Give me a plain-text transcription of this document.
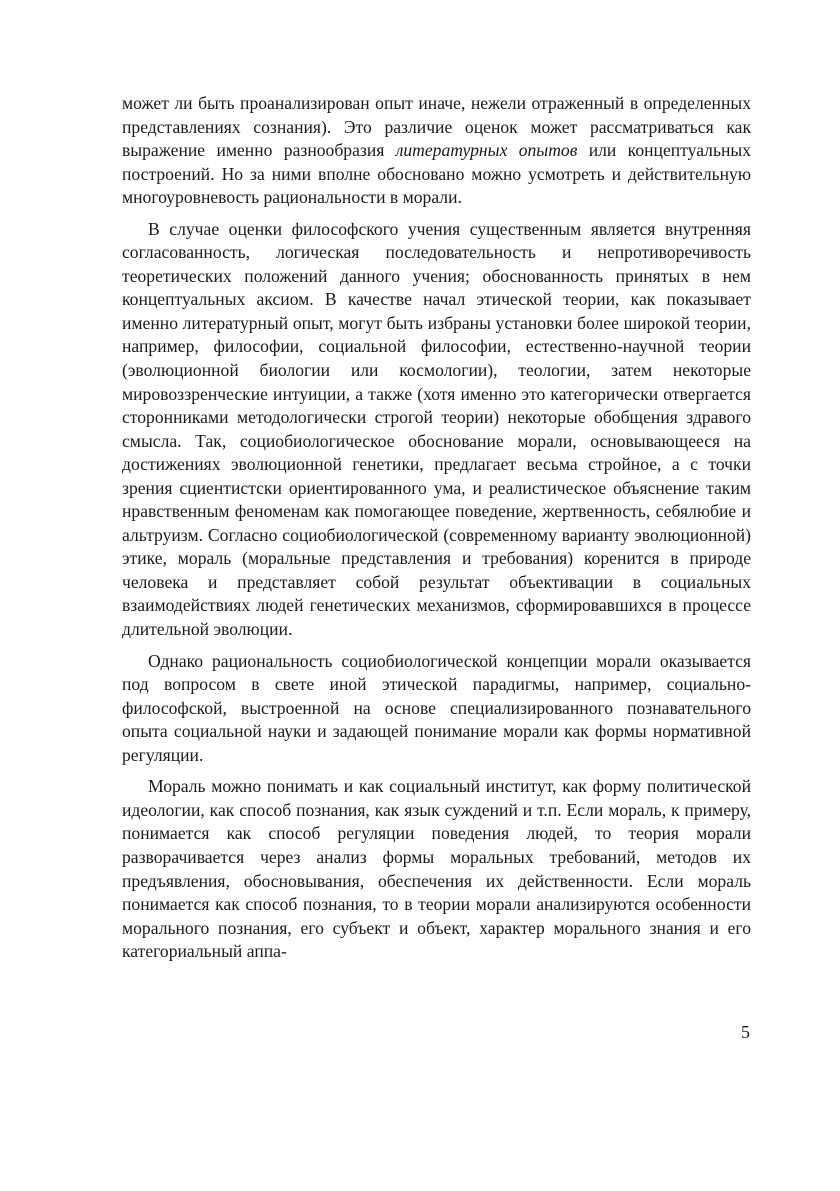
может ли быть проанализирован опыт иначе, нежели отраженный в определенных представлениях сознания). Это различие оценок может рассматриваться как выражение именно разнообразия литературных опытов или концептуальных построений. Но за ними вполне обосновано можно усмотреть и действительную многоуровневость рациональности в морали.

В случае оценки философского учения существенным является внутренняя согласованность, логическая последовательность и непротиворечивость теоретических положений данного учения; обоснованность принятых в нем концептуальных аксиом. В качестве начал этической теории, как показывает именно литературный опыт, могут быть избраны установки более широкой теории, например, философии, социальной философии, естественно-научной теории (эволюционной биологии или космологии), теологии, затем некоторые мировоззренческие интуиции, а также (хотя именно это категорически отвергается сторонниками методологически строгой теории) некоторые обобщения здравого смысла. Так, социобиологическое обоснование морали, основывающееся на достижениях эволюционной генетики, предлагает весьма стройное, а с точки зрения сциентистски ориентированного ума, и реалистическое объяснение таким нравственным феноменам как помогающее поведение, жертвенность, себялюбие и альтруизм. Согласно социобиологической (современному варианту эволюционной) этике, мораль (моральные представления и требования) коренится в природе человека и представляет собой результат объективации в социальных взаимодействиях людей генетических механизмов, сформировавшихся в процессе длительной эволюции.

Однако рациональность социобиологической концепции морали оказывается под вопросом в свете иной этической парадигмы, например, социально-философской, выстроенной на основе специализированного познавательного опыта социальной науки и задающей понимание морали как формы нормативной регуляции.

Мораль можно понимать и как социальный институт, как форму политической идеологии, как способ познания, как язык суждений и т.п. Если мораль, к примеру, понимается как способ регуляции поведения людей, то теория морали разворачивается через анализ формы моральных требований, методов их предъявления, обосновывания, обеспечения их действенности. Если мораль понимается как способ познания, то в теории морали анализируются особенности морального познания, его субъект и объект, характер морального знания и его категориальный аппа-

5
